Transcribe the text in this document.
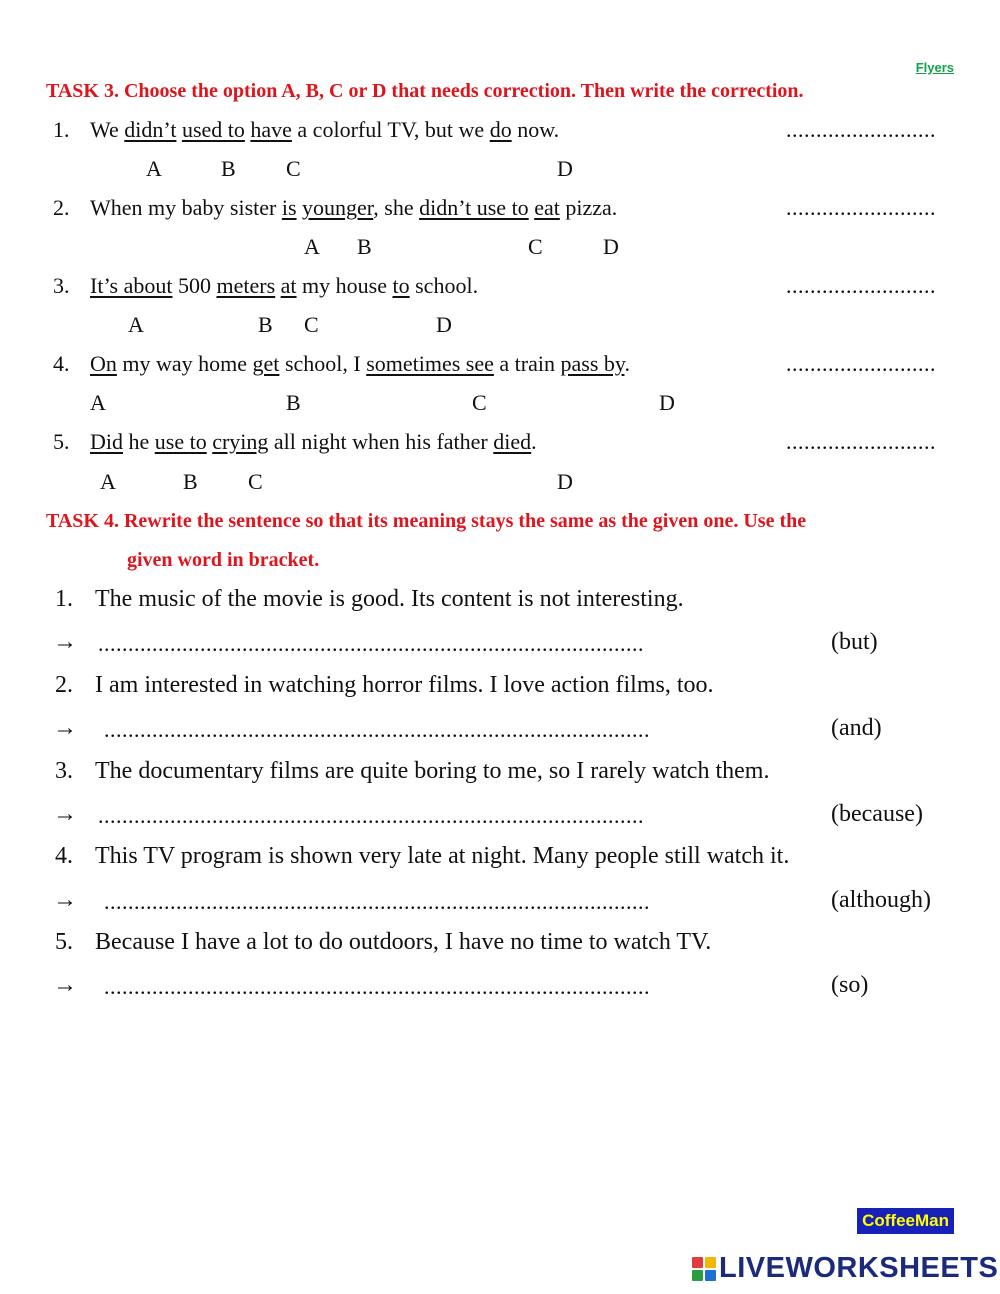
Flyers
TASK 3. Choose the option A, B, C or D that needs correction. Then write the correction.
1. We didn’t used to have a colorful TV, but we do now.	.........................
A	B C	D
2. When my baby sister is younger, she didn’t use to eat pizza.	.........................
A B	C	D
3. It’s about 500 meters at my house to school.	.........................
A	B C	D
4. On my way home get school, I sometimes see a train pass by.	.........................
A	B	C	D
5. Did he use to crying all night when his father died.	.........................
A	B C	D
TASK 4. Rewrite the sentence so that its meaning stays the same as the given one. Use the
given word in bracket.
1. The music of the movie is good. Its content is not interesting.
→ ...........................................................................................	(but)
2. I am interested in watching horror films. I love action films, too.
→ ...........................................................................................	(and)
3. The documentary films are quite boring to me, so I rarely watch them.
→ ...........................................................................................	(because)
4. This TV program is shown very late at night. Many people still watch it.
→ ...........................................................................................	(although)
5. Because I have a lot to do outdoors, I have no time to watch TV.
→ ...........................................................................................	(so)
CoffeeMan
LIVEWORKSHEETS
